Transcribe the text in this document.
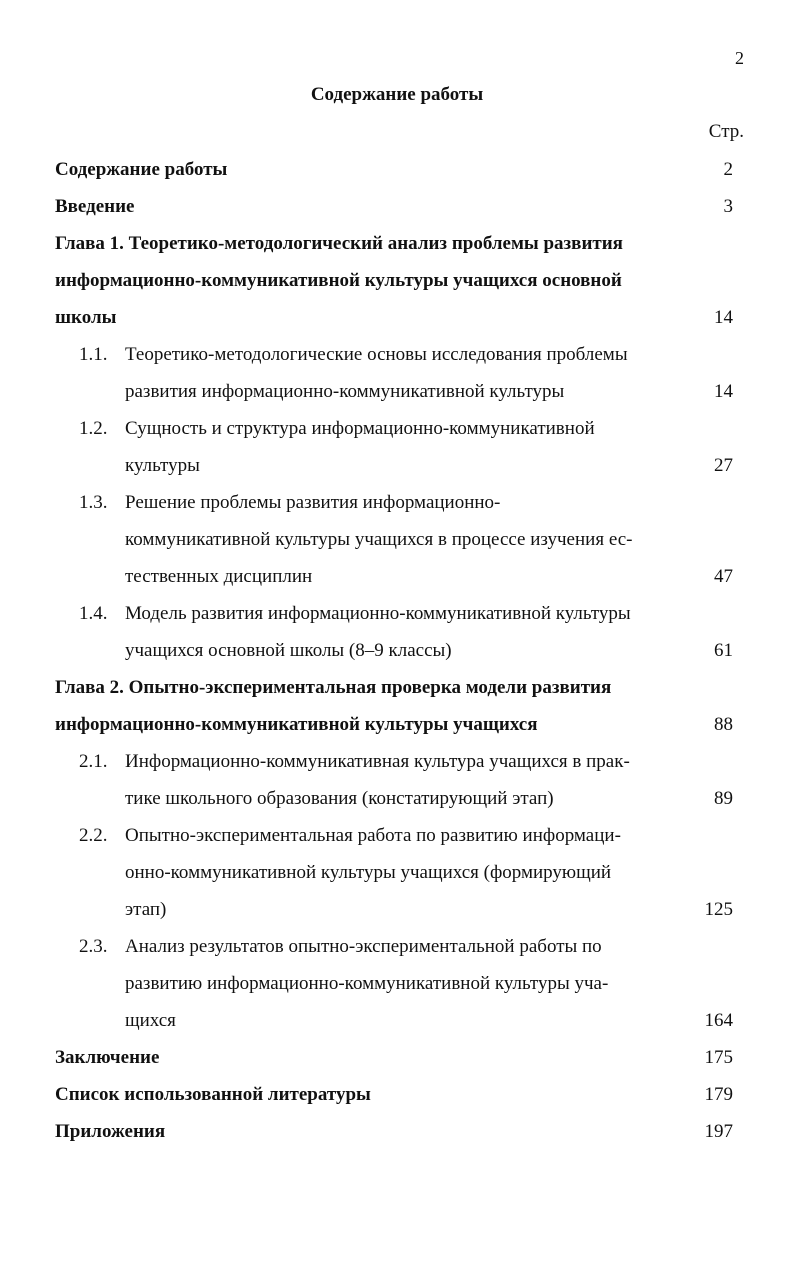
2
Содержание работы
Стр.
Содержание работы	2
Введение	3
Глава 1. Теоретико-методологический анализ проблемы развития
информационно-коммуникативной культуры учащихся основной
школы	14
1.1. Теоретико-методологические основы исследования проблемы
развития информационно-коммуникативной культуры	14
1.2. Сущность и структура информационно-коммуникативной
культуры	27
1.3. Решение проблемы развития информационно-
коммуникативной культуры учащихся в процессе изучения ес-
тественных дисциплин	47
1.4. Модель развития информационно-коммуникативной культуры
учащихся основной школы (8–9 классы)	61
Глава 2. Опытно-экспериментальная проверка модели развития
информационно-коммуникативной культуры учащихся	88
2.1. Информационно-коммуникативная культура учащихся в прак-
тике школьного образования (констатирующий этап)	89
2.2. Опытно-экспериментальная работа по развитию информаци-
онно-коммуникативной культуры учащихся (формирующий
этап)	125
2.3. Анализ результатов опытно-экспериментальной работы по
развитию информационно-коммуникативной культуры уча-
щихся	164
Заключение	175
Список использованной литературы	179
Приложения	197
